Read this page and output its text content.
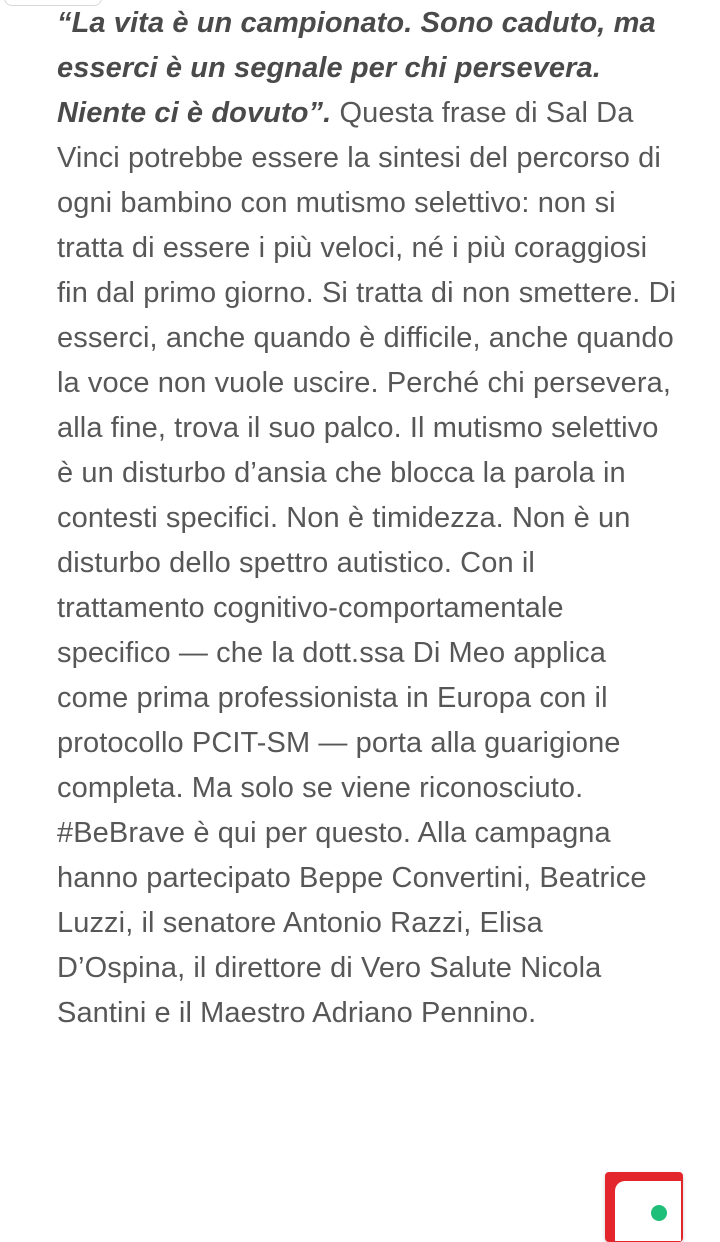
“La vita è un campionato. Sono caduto, ma esserci è un segnale per chi persevera. Niente ci è dovuto”. Questa frase di Sal Da Vinci potrebbe essere la sintesi del percorso di ogni bambino con mutismo selettivo: non si tratta di essere i più veloci, né i più coraggiosi fin dal primo giorno. Si tratta di non smettere. Di esserci, anche quando è difficile, anche quando la voce non vuole uscire. Perché chi persevera, alla fine, trova il suo palco. Il mutismo selettivo è un disturbo d’ansia che blocca la parola in contesti specifici. Non è timidezza. Non è un disturbo dello spettro autistico. Con il trattamento cognitivo-comportamentale specifico — che la dott.ssa Di Meo applica come prima professionista in Europa con il protocollo PCIT-SM — porta alla guarigione completa. Ma solo se viene riconosciuto. #BeBrave è qui per questo. Alla campagna hanno partecipato Beppe Convertini, Beatrice Luzzi, il senatore Antonio Razzi, Elisa D’Ospina, il direttore di Vero Salute Nicola Santini e il Maestro Adriano Pennino.
